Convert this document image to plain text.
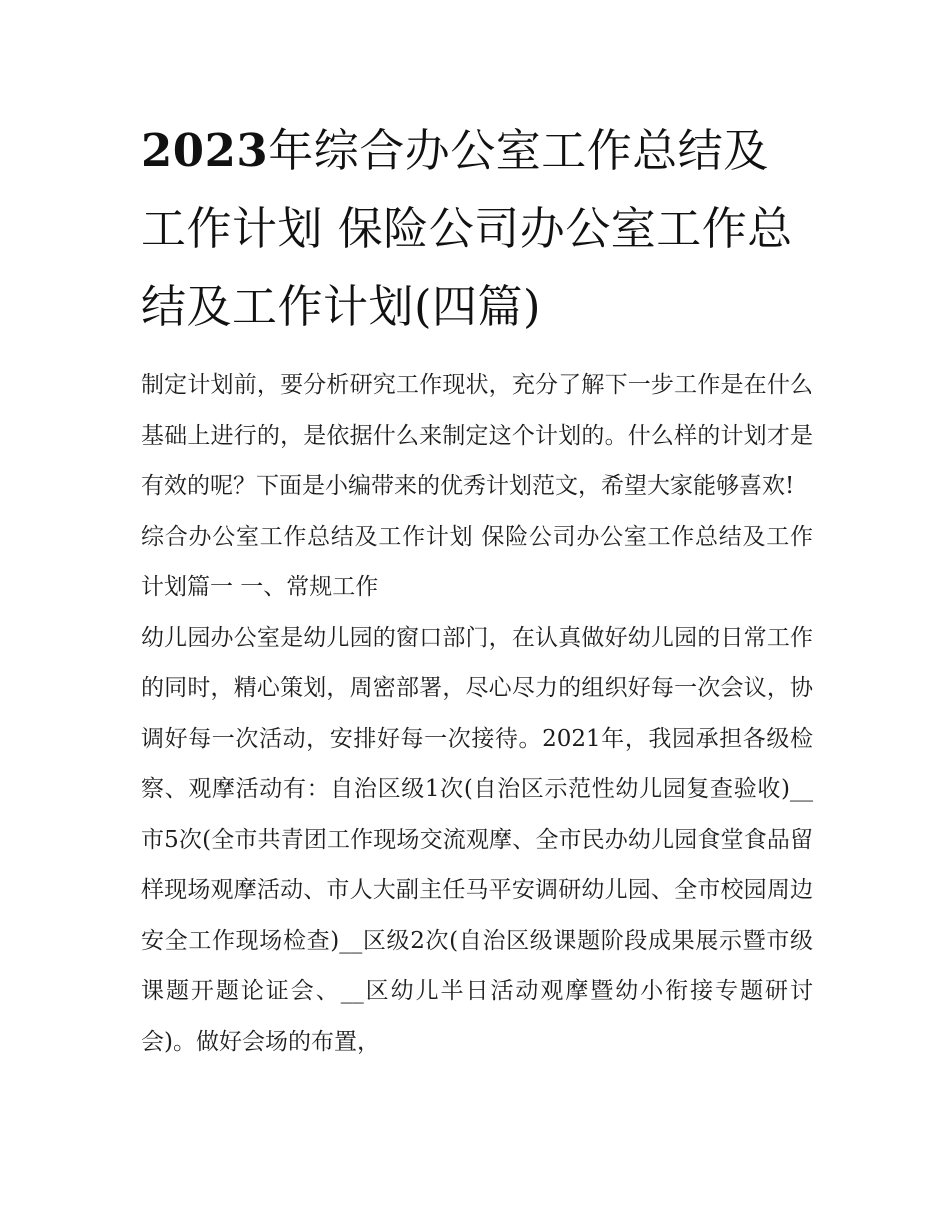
2023年综合办公室工作总结及工作计划 保险公司办公室工作总结及工作计划(四篇)

制定计划前，要分析研究工作现状，充分了解下一步工作是在什么基础上进行的，是依据什么来制定这个计划的。什么样的计划才是有效的呢？下面是小编带来的优秀计划范文，希望大家能够喜欢!

综合办公室工作总结及工作计划 保险公司办公室工作总结及工作计划篇一 一、常规工作

幼儿园办公室是幼儿园的窗口部门，在认真做好幼儿园的日常工作的同时，精心策划，周密部署，尽心尽力的组织好每一次会议，协调好每一次活动，安排好每一次接待。2021年，我园承担各级检察、观摩活动有：自治区级1次(自治区示范性幼儿园复查验收)__市5次(全市共青团工作现场交流观摩、全市民办幼儿园食堂食品留样现场观摩活动、市人大副主任马平安调研幼儿园、全市校园周边安全工作现场检查)__区级2次(自治区级课题阶段成果展示暨市级课题开题论证会、__区幼儿半日活动观摩暨幼小衔接专题研讨会)。做好会场的布置，
